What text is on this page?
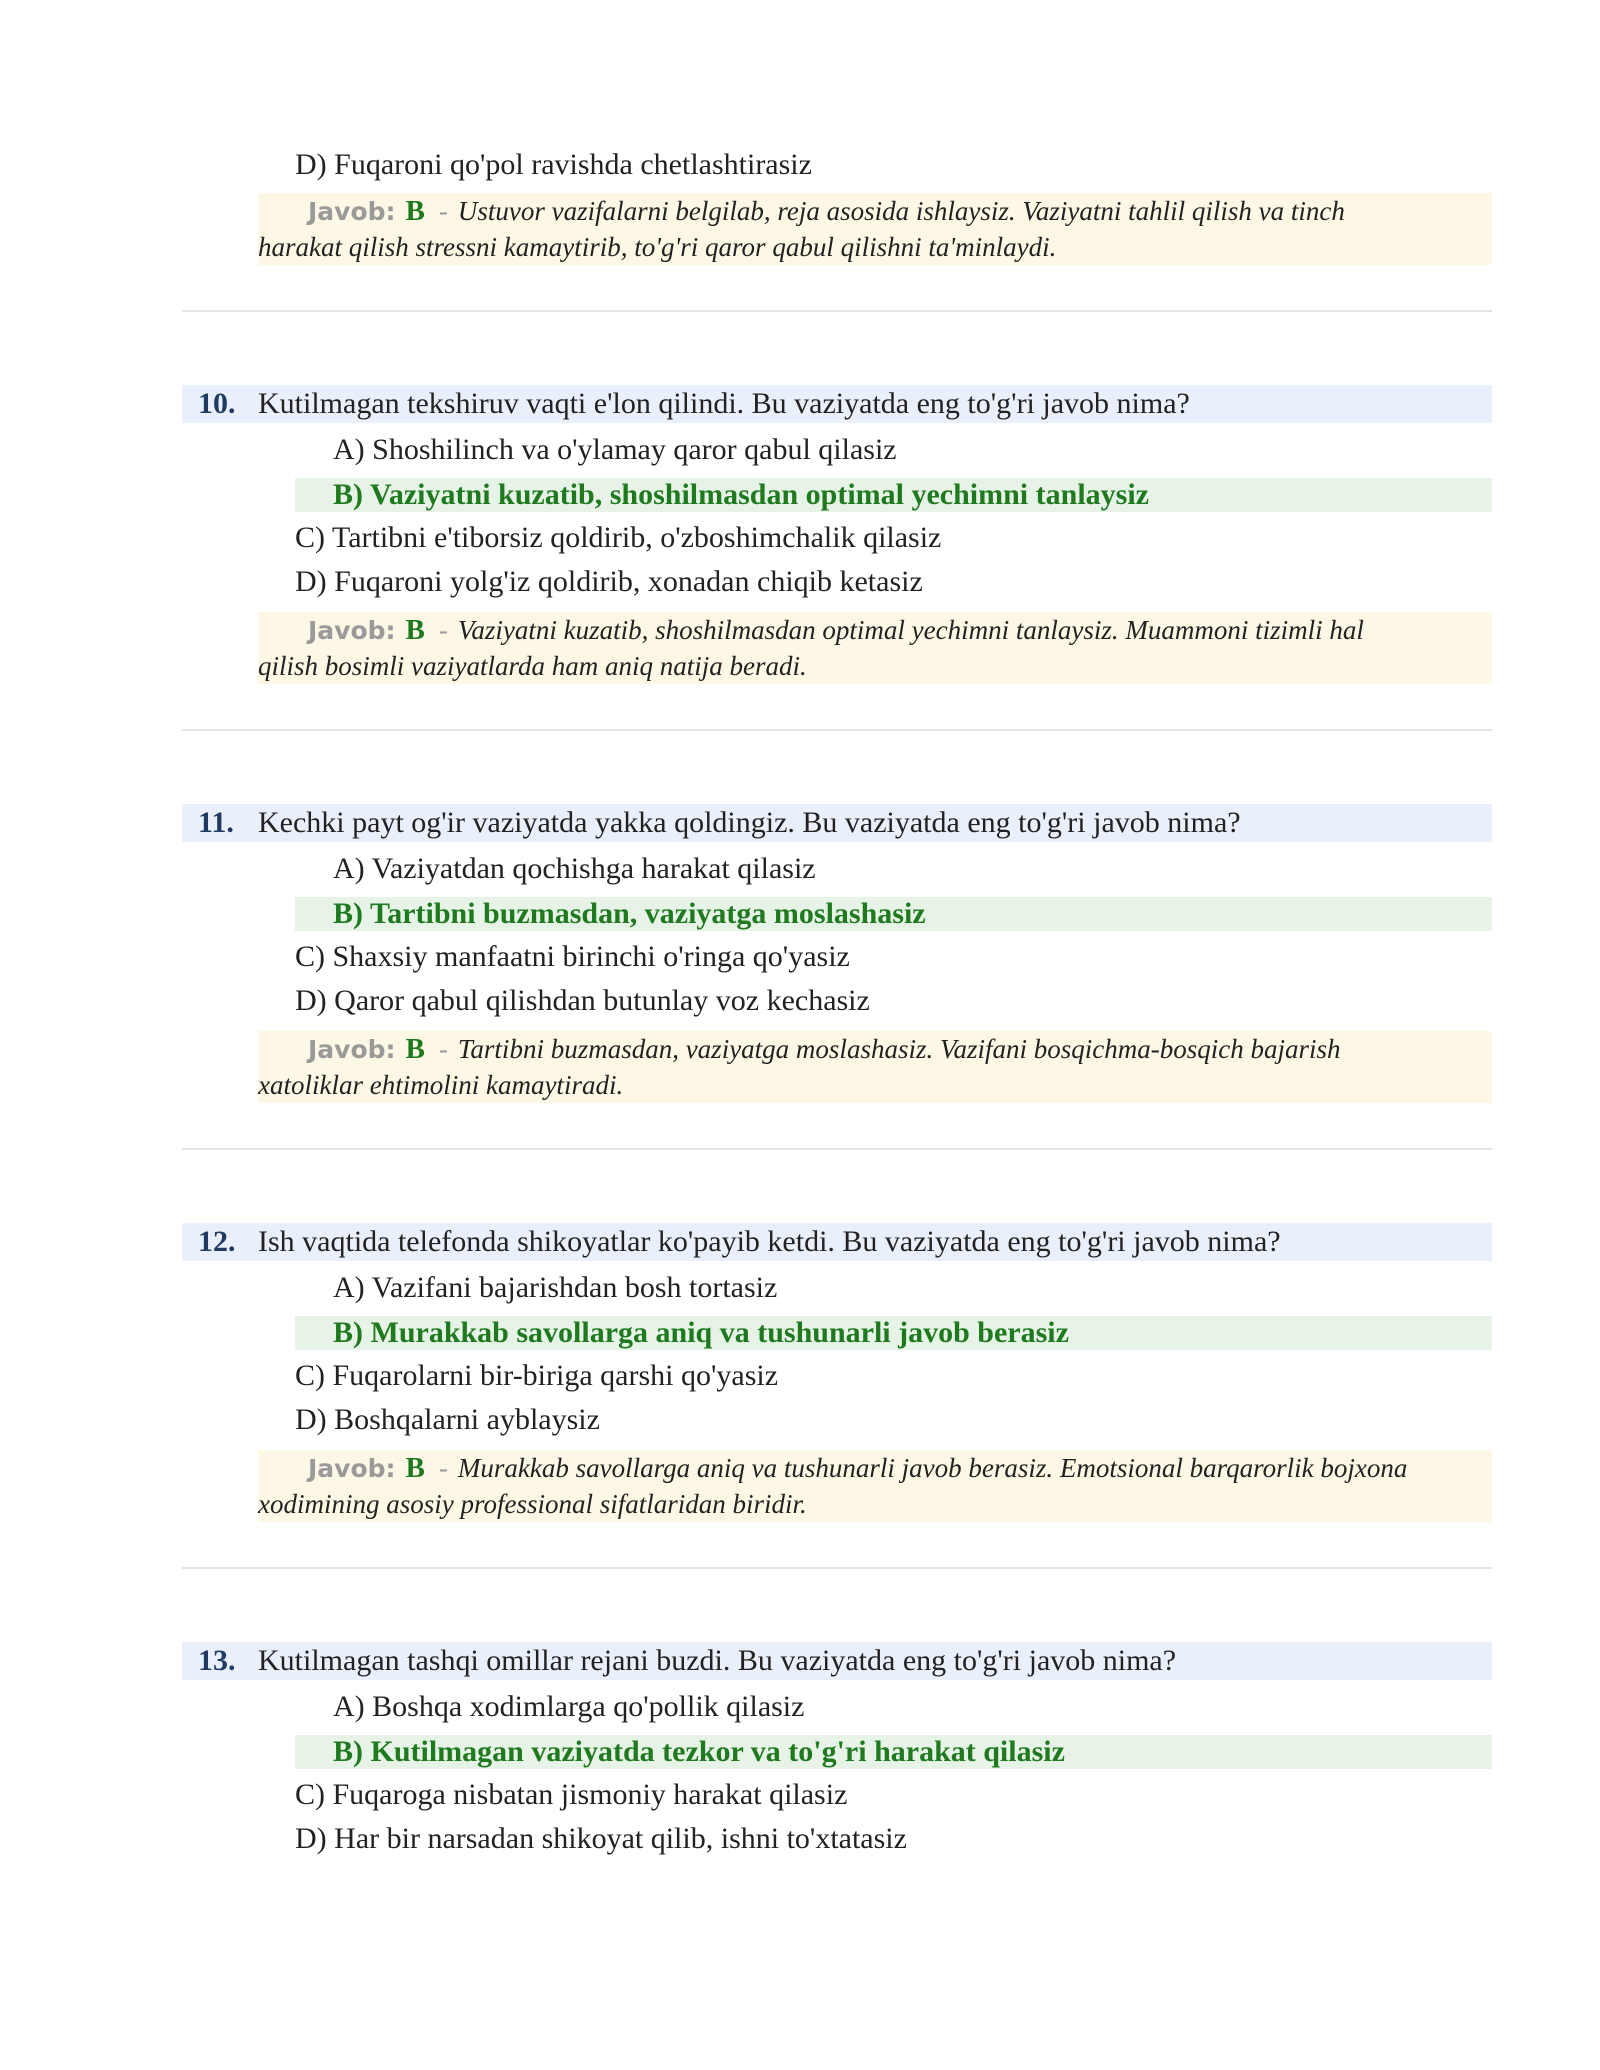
D) Fuqaroni qo'pol ravishda chetlashtirasiz
Javob: B - Ustuvor vazifalarni belgilab, reja asosida ishlaysiz. Vaziyatni tahlil qilish va tinch
harakat qilish stressni kamaytirib, to'g'ri qaror qabul qilishni ta'minlaydi.
10. Kutilmagan tekshiruv vaqti e'lon qilindi. Bu vaziyatda eng to'g'ri javob nima?
A) Shoshilinch va o'ylamay qaror qabul qilasiz
B) Vaziyatni kuzatib, shoshilmasdan optimal yechimni tanlaysiz
C) Tartibni e'tiborsiz qoldirib, o'zboshimchalik qilasiz
D) Fuqaroni yolg'iz qoldirib, xonadan chiqib ketasiz
Javob: B - Vaziyatni kuzatib, shoshilmasdan optimal yechimni tanlaysiz. Muammoni tizimli hal
qilish bosimli vaziyatlarda ham aniq natija beradi.
11. Kechki payt og'ir vaziyatda yakka qoldingiz. Bu vaziyatda eng to'g'ri javob nima?
A) Vaziyatdan qochishga harakat qilasiz
B) Tartibni buzmasdan, vaziyatga moslashasiz
C) Shaxsiy manfaatni birinchi o'ringa qo'yasiz
D) Qaror qabul qilishdan butunlay voz kechasiz
Javob: B - Tartibni buzmasdan, vaziyatga moslashasiz. Vazifani bosqichma-bosqich bajarish
xatoliklar ehtimolini kamaytiradi.
12. Ish vaqtida telefonda shikoyatlar ko'payib ketdi. Bu vaziyatda eng to'g'ri javob nima?
A) Vazifani bajarishdan bosh tortasiz
B) Murakkab savollarga aniq va tushunarli javob berasiz
C) Fuqarolarni bir-biriga qarshi qo'yasiz
D) Boshqalarni ayblaysiz
Javob: B - Murakkab savollarga aniq va tushunarli javob berasiz. Emotsional barqarorlik bojxona
xodimining asosiy professional sifatlaridan biridir.
13. Kutilmagan tashqi omillar rejani buzdi. Bu vaziyatda eng to'g'ri javob nima?
A) Boshqa xodimlarga qo'pollik qilasiz
B) Kutilmagan vaziyatda tezkor va to'g'ri harakat qilasiz
C) Fuqaroga nisbatan jismoniy harakat qilasiz
D) Har bir narsadan shikoyat qilib, ishni to'xtatasiz
